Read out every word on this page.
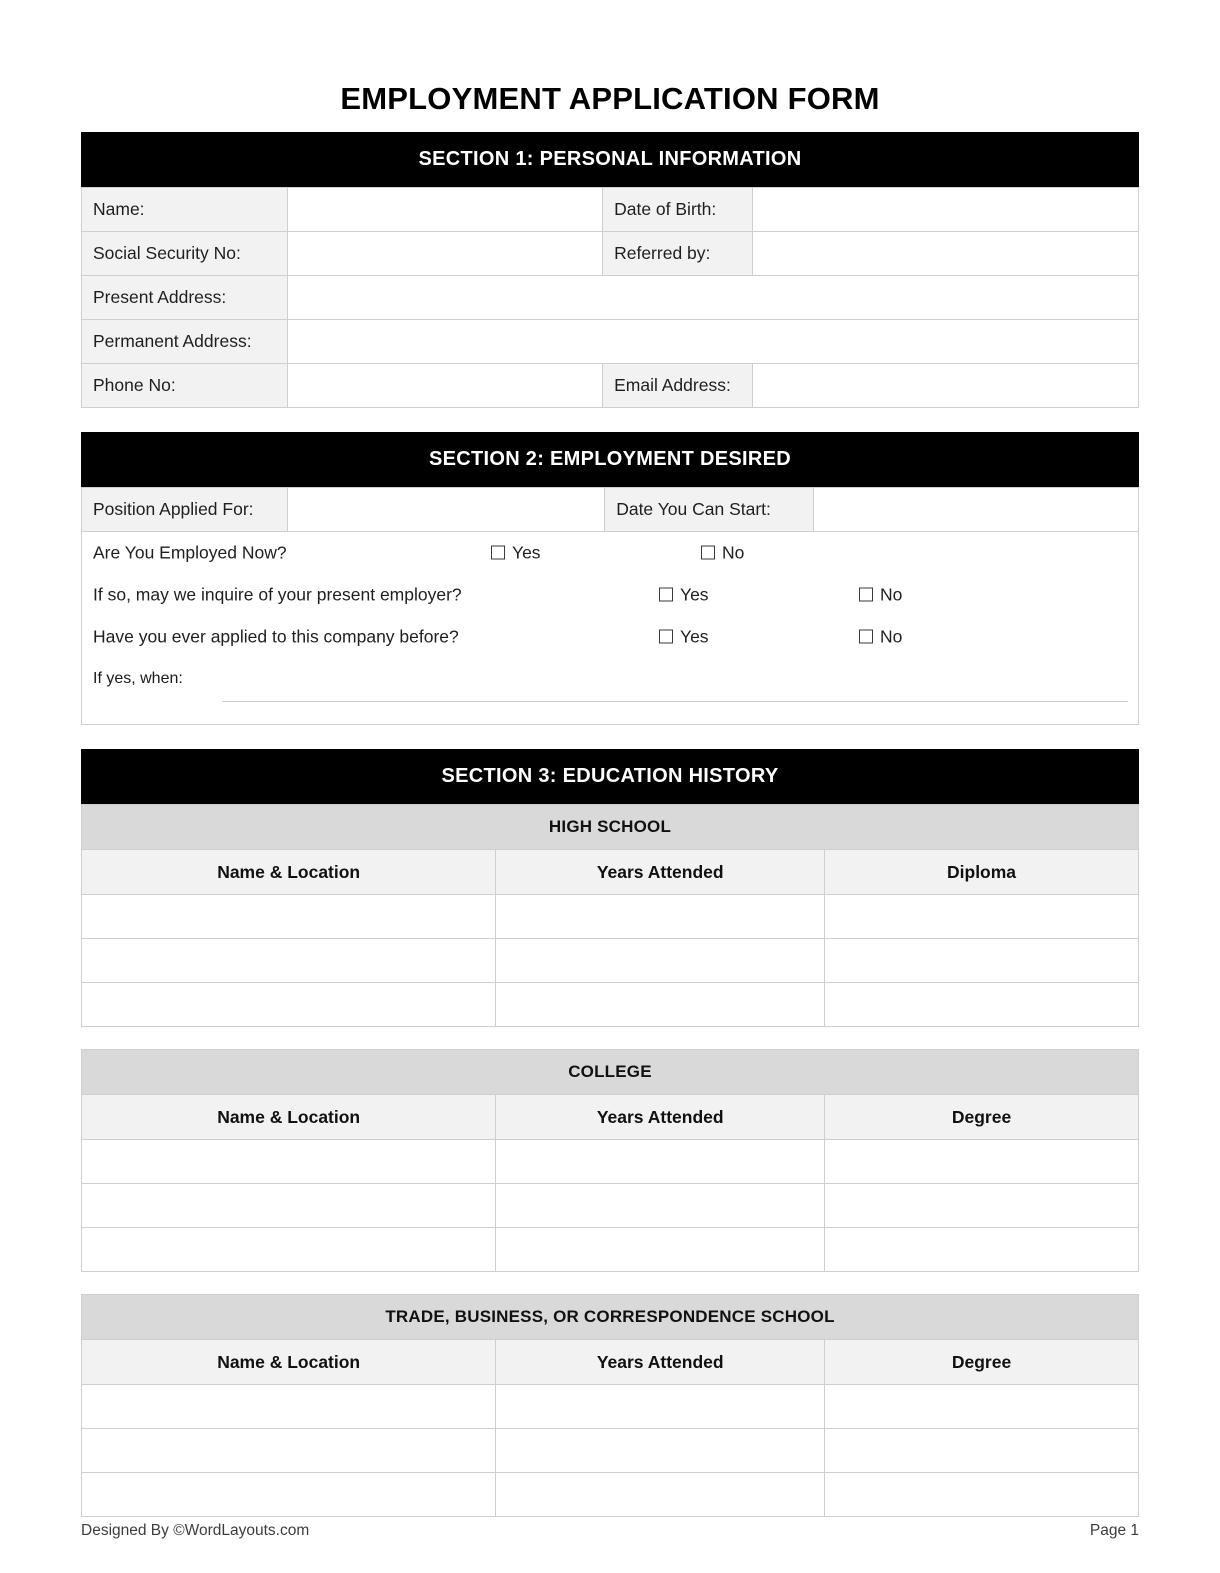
EMPLOYMENT APPLICATION FORM
SECTION 1: PERSONAL INFORMATION
Name:		Date of Birth:	
Social Security No:		Referred by:	
Present Address:			
Permanent Address:			
Phone No:		Email Address:	
SECTION 2: EMPLOYMENT DESIRED
Position Applied For:		Date You Can Start:	
Are You Employed Now?	Yes	No
If so, may we inquire of your present employer?	Yes	No
Have you ever applied to this company before?	Yes	No
If yes, when:
SECTION 3: EDUCATION HISTORY
HIGH SCHOOL		
Name & Location	Years Attended	Diploma

COLLEGE		
Name & Location	Years Attended	Degree

TRADE, BUSINESS, OR CORRESPONDENCE SCHOOL		
Name & Location	Years Attended	Degree

Designed By ©WordLayouts.com	Page 1
